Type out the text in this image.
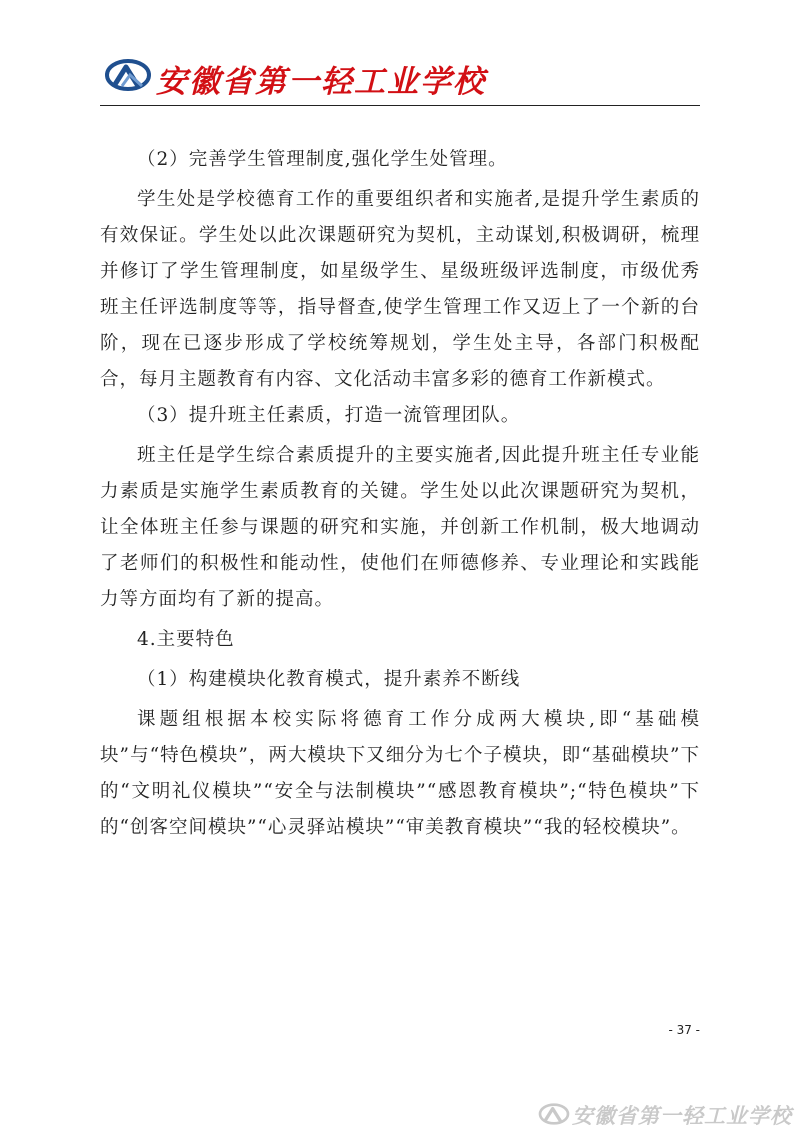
安徽省第一轻工业学校

（2）完善学生管理制度,强化学生处管理。

学生处是学校德育工作的重要组织者和实施者,是提升学生素质的有效保证。学生处以此次课题研究为契机，主动谋划,积极调研，梳理并修订了学生管理制度，如星级学生、星级班级评选制度，市级优秀班主任评选制度等等，指导督查,使学生管理工作又迈上了一个新的台阶，现在已逐步形成了学校统筹规划，学生处主导，各部门积极配合，每月主题教育有内容、文化活动丰富多彩的德育工作新模式。

（3）提升班主任素质，打造一流管理团队。

班主任是学生综合素质提升的主要实施者,因此提升班主任专业能力素质是实施学生素质教育的关键。学生处以此次课题研究为契机，让全体班主任参与课题的研究和实施，并创新工作机制，极大地调动了老师们的积极性和能动性，使他们在师德修养、专业理论和实践能力等方面均有了新的提高。

4.主要特色

（1）构建模块化教育模式，提升素养不断线

课题组根据本校实际将德育工作分成两大模块,即“基础模块”与“特色模块”，两大模块下又细分为七个子模块，即“基础模块”下的“文明礼仪模块”“安全与法制模块”“感恩教育模块”;“特色模块”下的“创客空间模块”“心灵驿站模块”“审美教育模块”“我的轻校模块”。

- 37 -
安徽省第一轻工业学校
